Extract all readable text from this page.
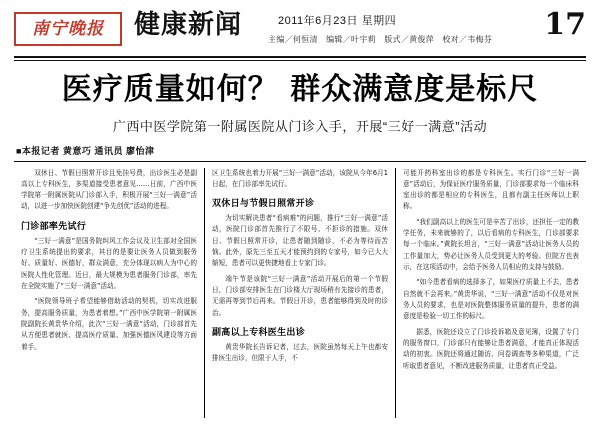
南宁晚报 健康新闻	2011年6月23日 星期四
主编／何恒清　编辑／叶宇莉　版式／黄俊萍　校对／韦梅芬	17
医疗质量如何？ 群众满意度是标尺
广西中医学院第一附属医院从门诊入手，开展“三好一满意”活动
■本报记者 黄意巧 通讯员 廖怡津

双休日、节假日照常开诊且免挂号费，出诊医生必是副高以上专科医生，多渠道接受患者意见……日前，广西中医学院第一附属医院从门诊部入手，积极开展“三好一满意”活动，以进一步加快医院创建“争先创优”活动的进程。

门诊部率先试行

“三好一满意”是国务院纠风工作会议及卫生部对全国医疗卫生系统提出的要求，其目的是要让医务人员做到服务好、质量好、医德好，群众满意，充分体现以病人为中心的医院人性化管理。近日，最大规模为患者服务门诊部，率先在全院实施了“三好一满意”活动。

“医院领导班子希望能够借助活动的契机，切实改进服务，提高服务质量，为患者着想。”广西中医学院第一附属医院副院长黄贵华介绍，此次“三好一满意”活动，门诊部首先从方便患者就医、提高医疗质量、加强医德医风建设等方面着手。

区卫生系统也着力开展“三好一满意”活动，该院从今年6月1日起，在门诊部率先试行。

双休日与节假日照常开诊

为切实解决患者“看病难”的问题，推行“三好一满意”活动，医院门诊部首先推行了不限号、不拒诊的措施。双休日、节假日照常开诊，让患者随到随诊，不必为等待而苦恼。此外，原先三至五天才能预约到的专家号，如今已大大缩短，患者可以更快捷地看上专家门诊。

端午节是该院“三好一满意”活动开展后的第一个节假日，门诊部安排医生在门诊楼大厅现场稍有先接诊的患者，无需再等到节后再来。节假日开诊，患者能够得到及时的诊治。

副高以上专科医生出诊

黄贵华院长告诉记者，过去，医院虽然每天上午也都安排医生出诊，但限于人手，不

可能开药科室出诊的都是专科医生。实行门诊“三好一满意”活动后，为保证医疗服务质量，门诊部要求每一个临床科室出诊的都是相应的专科医生，且都有副主任医师以上职称。

“我们副高以上的医生可是辛苦了出诊，还担任一定的教学任务，未来就够的了，以后看病的专科医生，门诊部要求每一个临床。”黄院长坦言，“三好一满意”活动让医务人员的工作量加大，势必让医务人员受到更大的考验。但院方也表示，在这项活动中，会给予医务人员相应的支持与鼓励。

“如今患者看病的选择多了，如果医疗质量上不去，患者自然就不会再来。”黄贵华说，“三好一满意”活动不仅是对医务人员的要求，也是对医院整体服务质量的提升，患者的满意度是检验一切工作的标尺。

据悉，医院还设立了门诊投诉箱及意见簿，设置了专门的服务窗口，门诊部只有能够让患者满意，才能真正体现活动的初衷。医院还将通过随访、问卷调查等多种渠道，广泛听取患者意见，不断改进服务质量，让患者真正受益。
